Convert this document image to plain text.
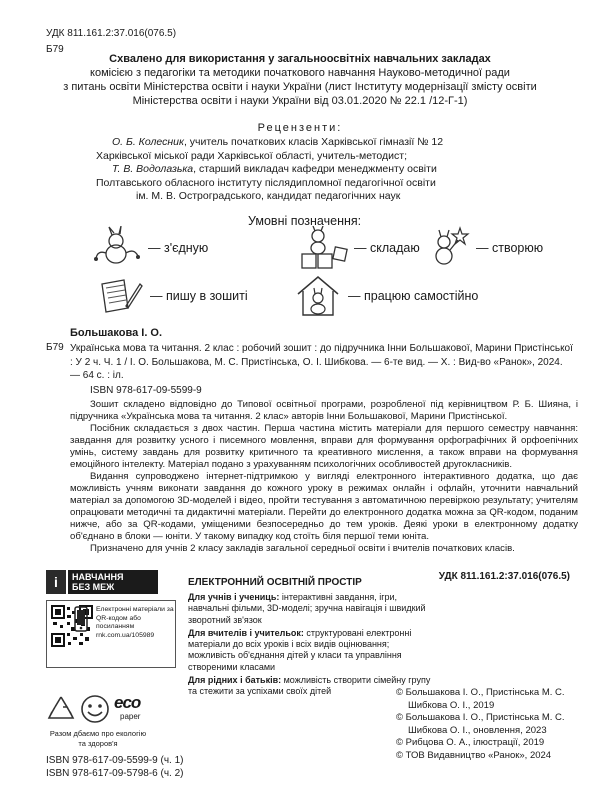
УДК 811.161.2:37.016(076.5)
Б79
Схвалено для використання у загальноосвітніх навчальних закладах
комісією з педагогіки та методики початкового навчання Науково-методичної ради
з питань освіти Міністерства освіти і науки України (лист Інституту модернізації змісту освіти
Міністерства освіти і науки України від 03.01.2020 № 22.1 /12-Г-1)
Рецензенти:
О. Б. Колесник, учитель початкових класів Харківської гімназії № 12
Харківської міської ради Харківської області, учитель-методист;
Т. В. Водолазька, старший викладач кафедри менеджменту освіти
Полтавського обласного інституту післядипломної педагогічної освіти
ім. М. В. Остроградського, кандидат педагогічних наук
Умовні позначення:
— з'єдную	— складаю	— створюю
— пишу в зошиті	— працюю самостійно
Большакова І. О.
Б79 Українська мова та читання. 2 клас : робочий зошит : до підручника Інни Большакової, Марини Пристінської : У 2 ч. Ч. 1 / І. О. Большакова, М. С. Пристінська, О. І. Шибкова. — 6-те вид. — Х. : Вид-во «Ранок», 2024. — 64 с. : іл.
ISBN 978-617-09-5599-9

Зошит складено відповідно до Типової освітньої програми, розробленої під керівництвом Р. Б. Шияна, і підручника «Українська мова та читання. 2 клас» авторів Інни Большакової, Марини Пристінської.

Посібник складається з двох частин. Перша частина містить матеріали для першого семестру навчання: завдання для розвитку усного і писемного мовлення, вправи для формування орфографічних й орфоепічних умінь, систему завдань для розвитку критичного та креативного мислення, а також вправи на формування емоційного інтелекту. Матеріал подано з урахуванням психологічних особливостей другокласників.

Видання супроводжено інтернет-підтримкою у вигляді електронного інтерактивного додатка, що дає можливість учням виконати завдання до кожного уроку в режимах онлайн і офлайн, уточнити навчальний матеріал за допомогою 3D-моделей і відео, пройти тестування з автоматичною перевіркою результату; учителям опрацювати методичні та дидактичні матеріали. Перейти до електронного додатка можна за QR-кодом, поданим нижче, або за QR-кодами, уміщеними безпосередньо до тем уроків. Деякі уроки в електронному додатку об'єднано в блоки — юніти. У такому випадку код стоїть біля першої теми юніта.

Призначено для учнів 2 класу закладів загальної середньої освіти і вчителів початкових класів.

УДК 811.161.2:37.016(076.5)
i	НАВЧАННЯ
БЕЗ МЕЖ
Електронні матеріали за QR-кодом або посиланням rnk.com.ua/105989
eco
paper
Разом дбаємо про екологію та здоров'я
ISBN 978-617-09-5599-9 (ч. 1)
ISBN 978-617-09-5798-6 (ч. 2)
ЕЛЕКТРОННИЙ ОСВІТНІЙ ПРОСТІР

Для учнів і учениць: інтерактивні завдання, ігри, навчальні фільми, 3D-моделі; зручна навігація і швидкий зворотний зв'язок

Для вчителів і учительок: структуровані електронні матеріали до всіх уроків і всіх видів оцінювання; можливість об'єднання дітей у класи та управління створеними класами

Для рідних і батьків: можливість створити сімейну групу та стежити за успіхами своїх дітей	© Большакова І. О., Пристінська М. С.
Шибкова О. І., 2019
© Большакова І. О., Пристінська М. С.
Шибкова О. І., оновлення, 2023
© Рибцова О. А., ілюстрації, 2019
© ТОВ Видавництво «Ранок», 2024
